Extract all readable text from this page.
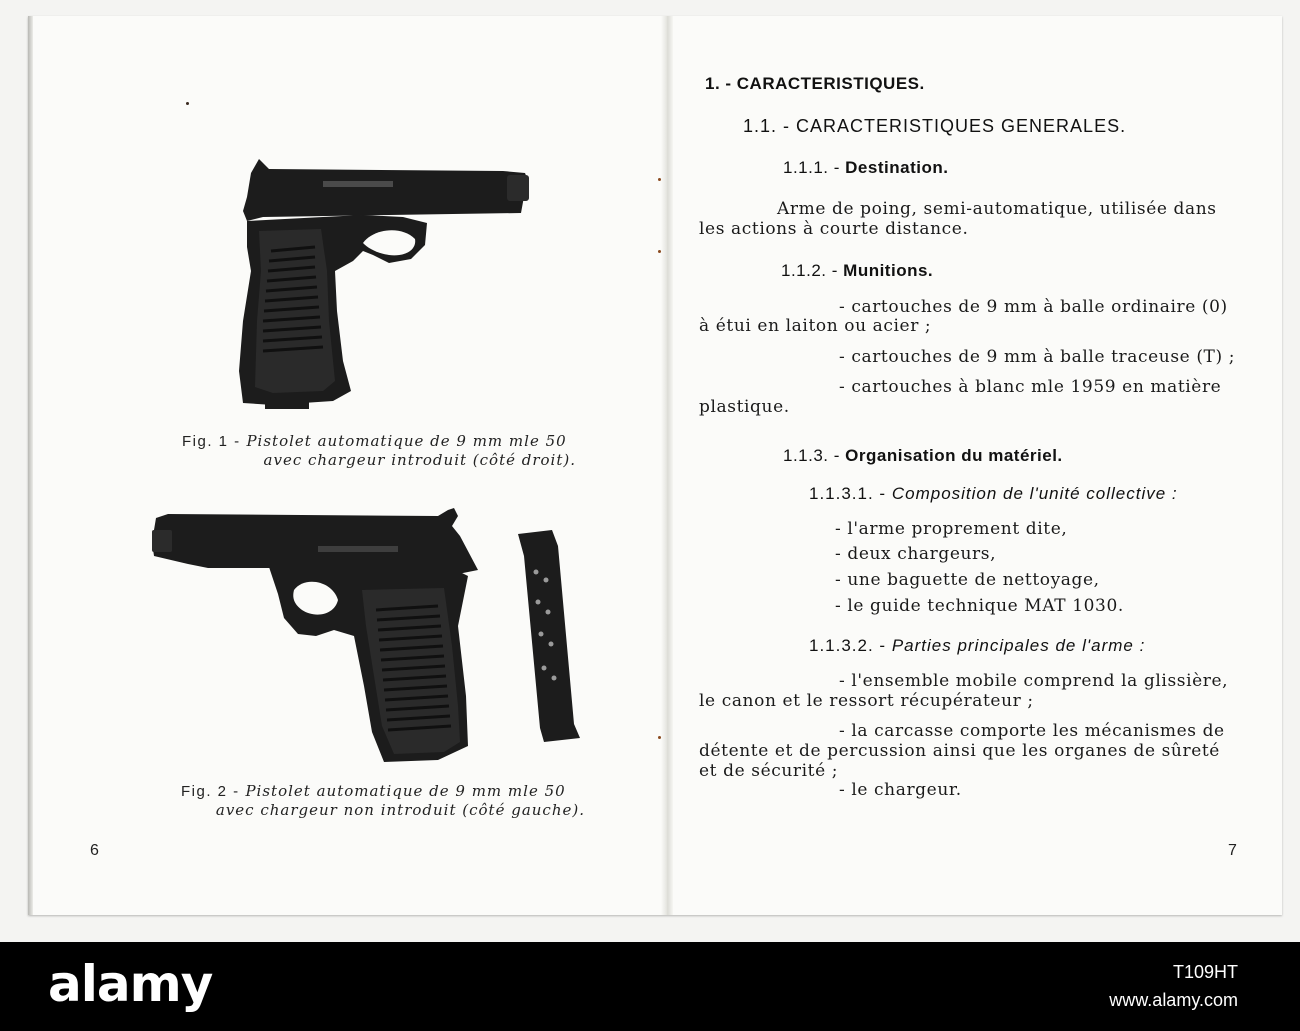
Fig. 1 - Pistolet automatique de 9 mm mle 50
avec chargeur introduit (côté droit).
Fig. 2 - Pistolet automatique de 9 mm mle 50
avec chargeur non introduit (côté gauche).
6
1. - CARACTERISTIQUES.
1.1. - CARACTERISTIQUES GENERALES.
1.1.1. - Destination.
Arme de poing, semi-automatique, utilisée dans
les actions à courte distance.
1.1.2. - Munitions.
- cartouches de 9 mm à balle ordinaire (0)
à étui en laiton ou acier ;
- cartouches de 9 mm à balle traceuse (T) ;
- cartouches à blanc mle 1959 en matière
plastique.
1.1.3. - Organisation du matériel.
1.1.3.1. - Composition de l'unité collective :
- l'arme proprement dite,
- deux chargeurs,
- une baguette de nettoyage,
- le guide technique MAT 1030.
1.1.3.2. - Parties principales de l'arme :
- l'ensemble mobile comprend la glissière,
le canon et le ressort récupérateur ;
- la carcasse comporte les mécanismes de
détente et de percussion ainsi que les organes de sûreté
et de sécurité ;
- le chargeur.
7
alamy	T109HT
www.alamy.com
